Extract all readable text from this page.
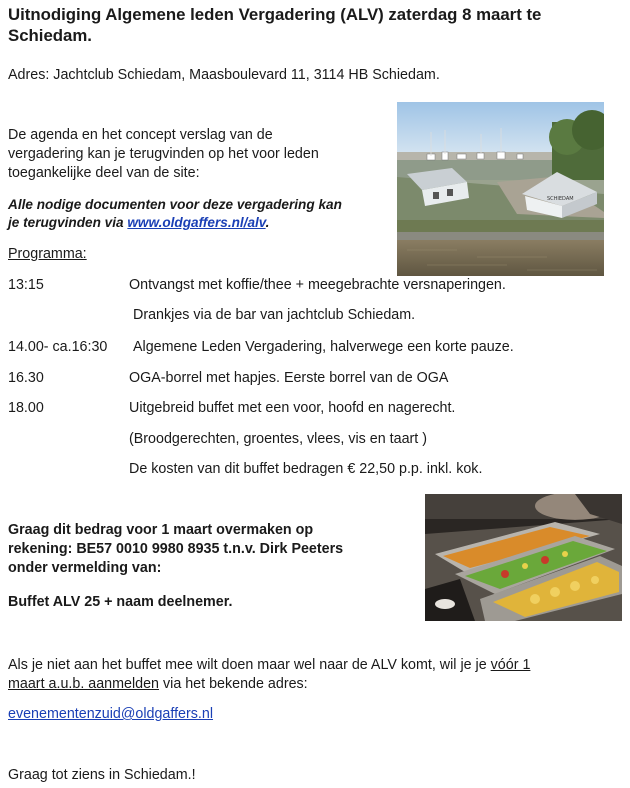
Uitnodiging Algemene leden Vergadering (ALV) zaterdag 8 maart te Schiedam.
Adres: Jachtclub Schiedam, Maasboulevard 11, 3114 HB Schiedam.
De agenda en het concept verslag van de
vergadering kan je terugvinden op het voor leden
toegankelijke deel van de site:
Alle nodige documenten voor deze vergadering kan
je terugvinden via www.oldgaffers.nl/alv.
SCHIEDAM
Programma:
13:15	Ontvangst met koffie/thee + meegebrachte versnaperingen.
Drankjes via de bar van jachtclub Schiedam.
14.00- ca.16:30 Algemene Leden Vergadering, halverwege een korte pauze.
16.30	OGA-borrel met hapjes. Eerste borrel van de OGA
18.00	Uitgebreid buffet met een voor, hoofd en nagerecht.
(Broodgerechten, groentes, vlees, vis en taart )
De kosten van dit buffet bedragen € 22,50 p.p. inkl. kok.
Graag dit bedrag voor 1 maart overmaken op
rekening: BE57 0010 9980 8935 t.n.v. Dirk Peeters
onder vermelding van:
Buffet ALV 25 + naam deelnemer.
Als je niet aan het buffet mee wilt doen maar wel naar de ALV komt, wil je je vóór 1
maart a.u.b. aanmelden via het bekende adres:
evenementenzuid@oldgaffers.nl
Graag tot ziens in Schiedam.!
